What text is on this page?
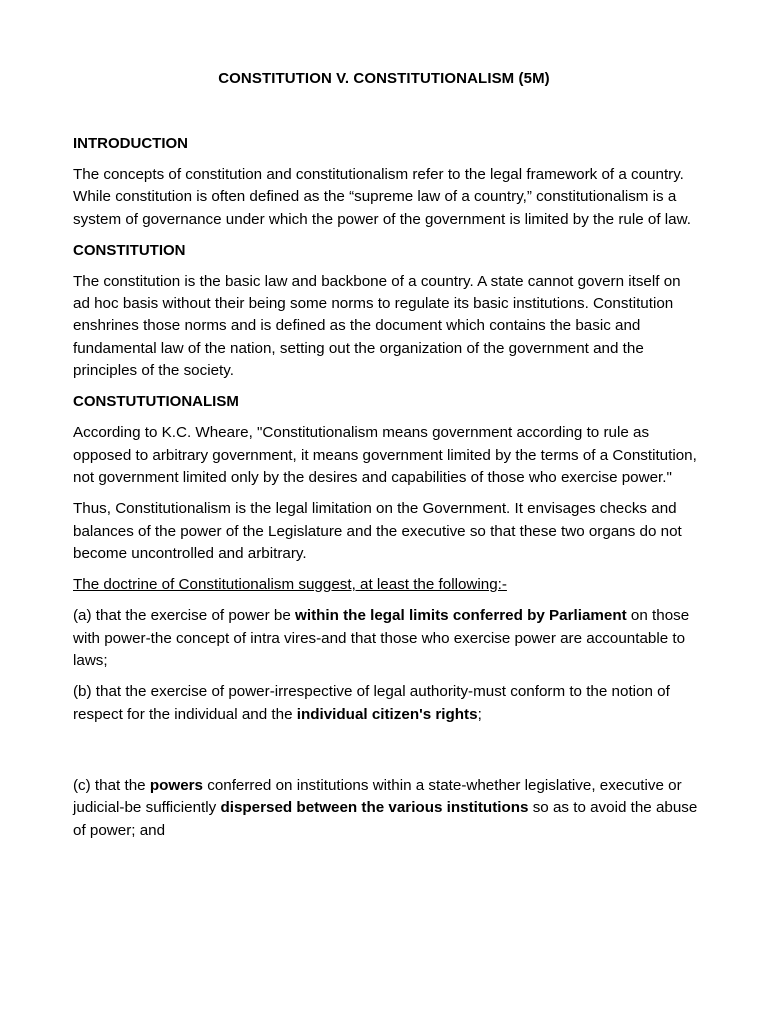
CONSTITUTION V. CONSTITUTIONALISM (5M)
INTRODUCTION

The concepts of constitution and constitutionalism refer to the legal framework of a country. While constitution is often defined as the “supreme law of a country,” constitutionalism is a system of governance under which the power of the government is limited by the rule of law.

CONSTITUTION

The constitution is the basic law and backbone of a country. A state cannot govern itself on ad hoc basis without their being some norms to regulate its basic institutions. Constitution enshrines those norms and is defined as the document which contains the basic and fundamental law of the nation, setting out the organization of the government and the principles of the society.

CONSTUTUTIONALISM

According to K.C. Wheare, "Constitutionalism means government according to rule as opposed to arbitrary government, it means government limited by the terms of a Constitution, not government limited only by the desires and capabilities of those who exercise power."

Thus, Constitutionalism is the legal limitation on the Government. It envisages checks and balances of the power of the Legislature and the executive so that these two organs do not become uncontrolled and arbitrary.

The doctrine of Constitutionalism suggest, at least the following:-

(a) that the exercise of power be within the legal limits conferred by Parliament on those with power-the concept of intra vires-and that those who exercise power are accountable to laws;

(b) that the exercise of power-irrespective of legal authority-must conform to the notion of respect for the individual and the individual citizen's rights;

(c) that the powers conferred on institutions within a state-whether legislative, executive or judicial-be sufficiently dispersed between the various institutions so as to avoid the abuse of power; and
